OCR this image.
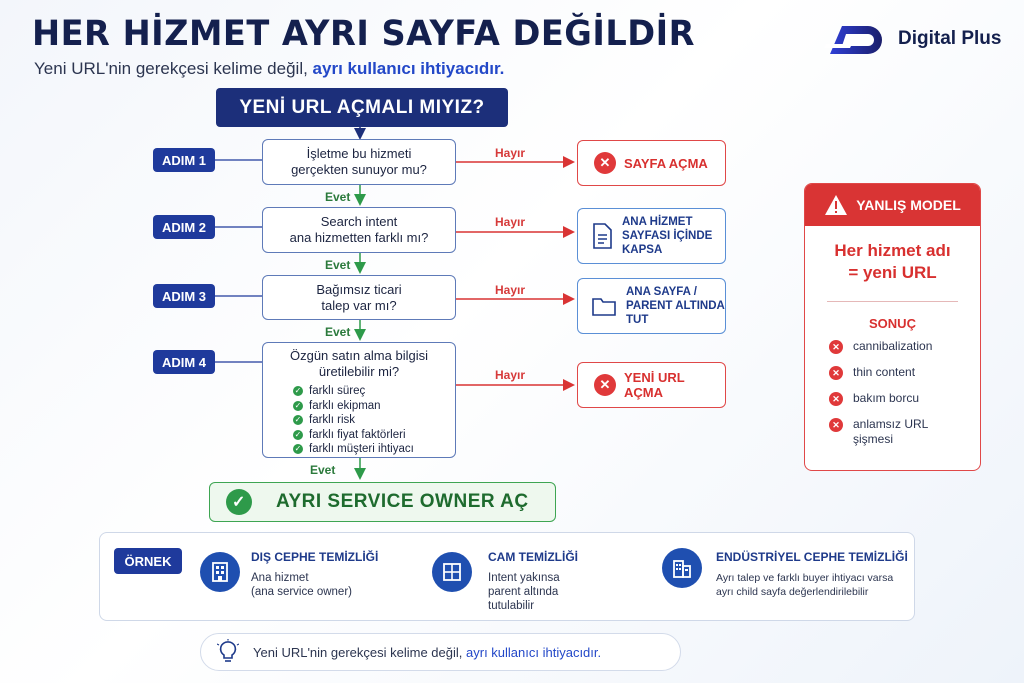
HER HİZMET AYRI SAYFA DEĞİLDİR
Yeni URL'nin gerekçesi kelime değil, ayrı kullanıcı ihtiyacıdır.
Digital Plus
YENİ URL AÇMALI MIYIZ?
ADIM 1
ADIM 2
ADIM 3
ADIM 4
İşletme bu hizmeti
gerçekten sunuyor mu?
Search intent
ana hizmetten farklı mı?
Bağımsız ticari
talep var mı?
Özgün satın alma bilgisi
üretilebilir mi?
✓ farklı süreç
✓ farklı ekipman
✓ farklı risk
✓ farklı fiyat faktörleri
✓ farklı müşteri ihtiyacı
Hayır
Hayır
Hayır
Hayır
Evet
Evet
Evet
Evet
✕	SAYFA AÇMA
ANA HİZMET
SAYFASI İÇİNDE
KAPSA
ANA SAYFA /
PARENT ALTINDA
TUT
✕	YENİ URL AÇMA
✓	AYRI SERVICE OWNER AÇ
YANLIŞ MODEL
Her hizmet adı
= yeni URL
SONUÇ
✕ cannibalization
✕ thin content
✕ bakım borcu
✕ anlamsız URL
şişmesi
ÖRNEK	DIŞ CEPHE TEMİZLİĞİ
Ana hizmet
(ana service owner)
CAM TEMİZLİĞİ
Intent yakınsa
parent altında
tutulabilir
ENDÜSTRİYEL CEPHE TEMİZLİĞİ
Ayrı talep ve farklı buyer ihtiyacı varsa
ayrı child sayfa değerlendirilebilir
Yeni URL'nin gerekçesi kelime değil, ayrı kullanıcı ihtiyacıdır.
